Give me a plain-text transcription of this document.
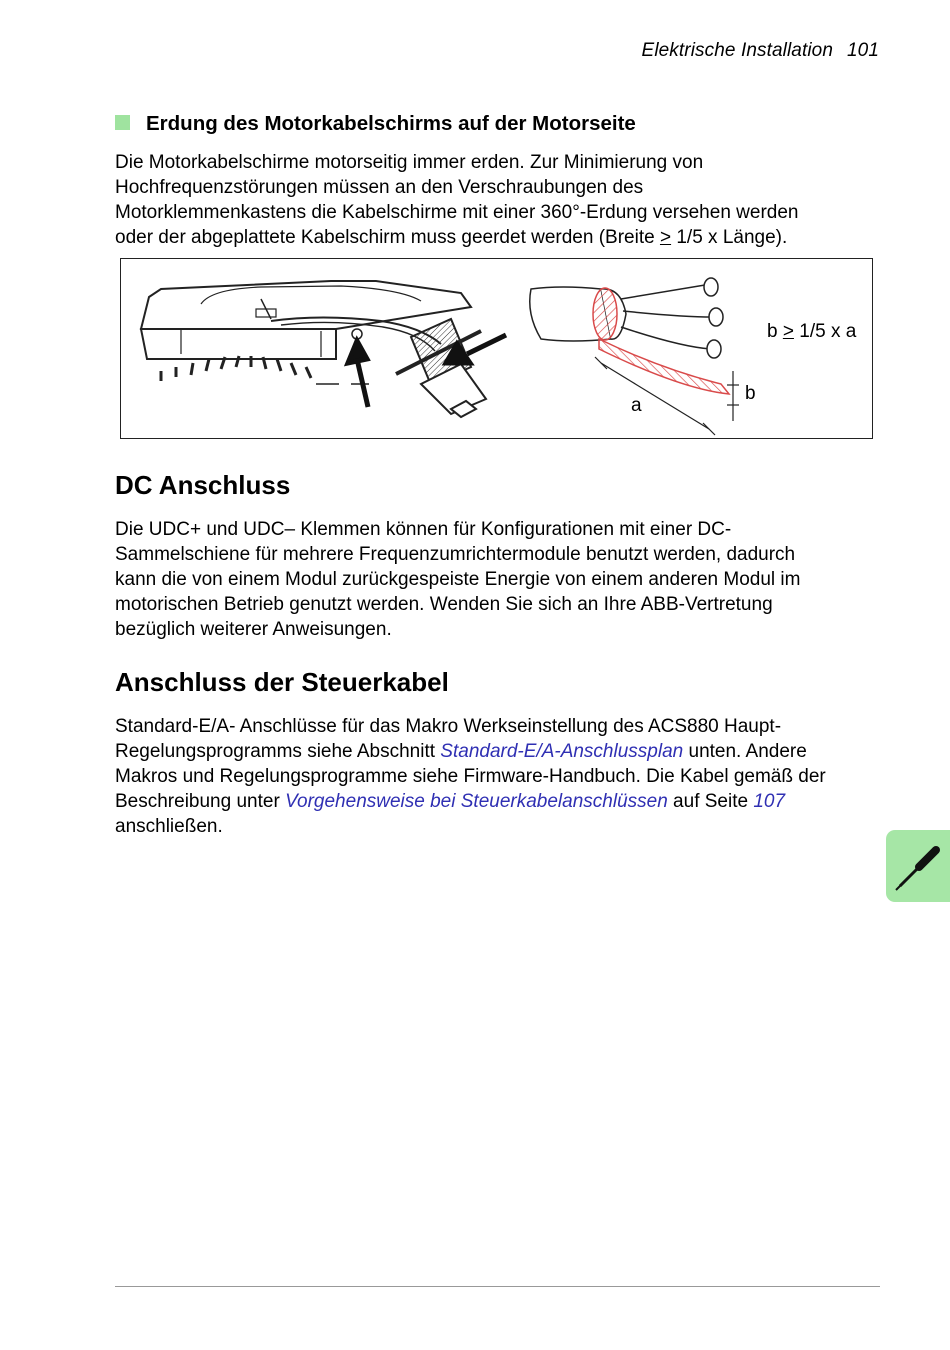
Elektrische Installation 101
Erdung des Motorkabelschirms auf der Motorseite
Die Motorkabelschirme motorseitig immer erden. Zur Minimierung von
Hochfrequenzstörungen müssen an den Verschraubungen des
Motorklemmenkastens die Kabelschirme mit einer 360°-Erdung versehen werden
oder der abgeplattete Kabelschirm muss geerdet werden (Breite ≥ 1/5 x Länge).
b ≥ 1/5 x a
a
b
DC Anschluss
Die UDC+ und UDC– Klemmen können für Konfigurationen mit einer DC-
Sammelschiene für mehrere Frequenzumrichtermodule benutzt werden, dadurch
kann die von einem Modul zurückgespeiste Energie von einem anderen Modul im
motorischen Betrieb genutzt werden. Wenden Sie sich an Ihre ABB-Vertretung
bezüglich weiterer Anweisungen.
Anschluss der Steuerkabel
Standard-E/A- Anschlüsse für das Makro Werkseinstellung des ACS880 Haupt-
Regelungsprogramms siehe Abschnitt Standard-E/A-Anschlussplan unten. Andere
Makros und Regelungsprogramme siehe Firmware-Handbuch. Die Kabel gemäß der
Beschreibung unter Vorgehensweise bei Steuerkabelanschlüssen auf Seite 107
anschließen.
